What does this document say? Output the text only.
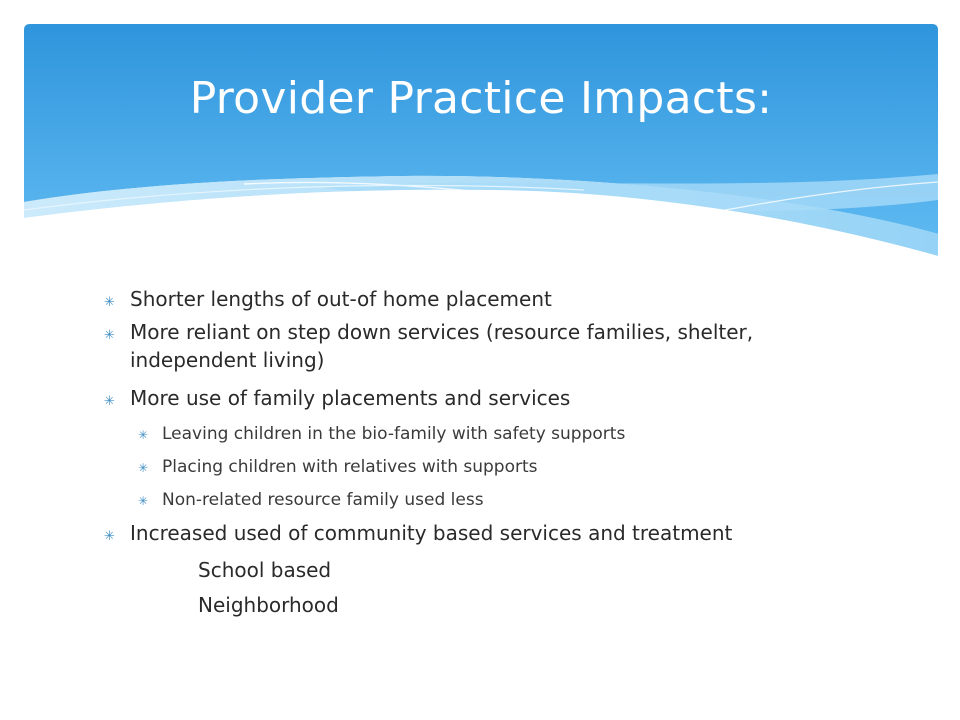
Provider Practice Impacts:
✳ Shorter lengths of out-of home placement
✳ More reliant on step down services (resource families, shelter,
independent living)
✳ More use of family placements and services
✳ Leaving children in the bio-family with safety supports
✳ Placing children with relatives with supports
✳ Non-related resource family used less
✳ Increased used of community based services and treatment
School based
Neighborhood
